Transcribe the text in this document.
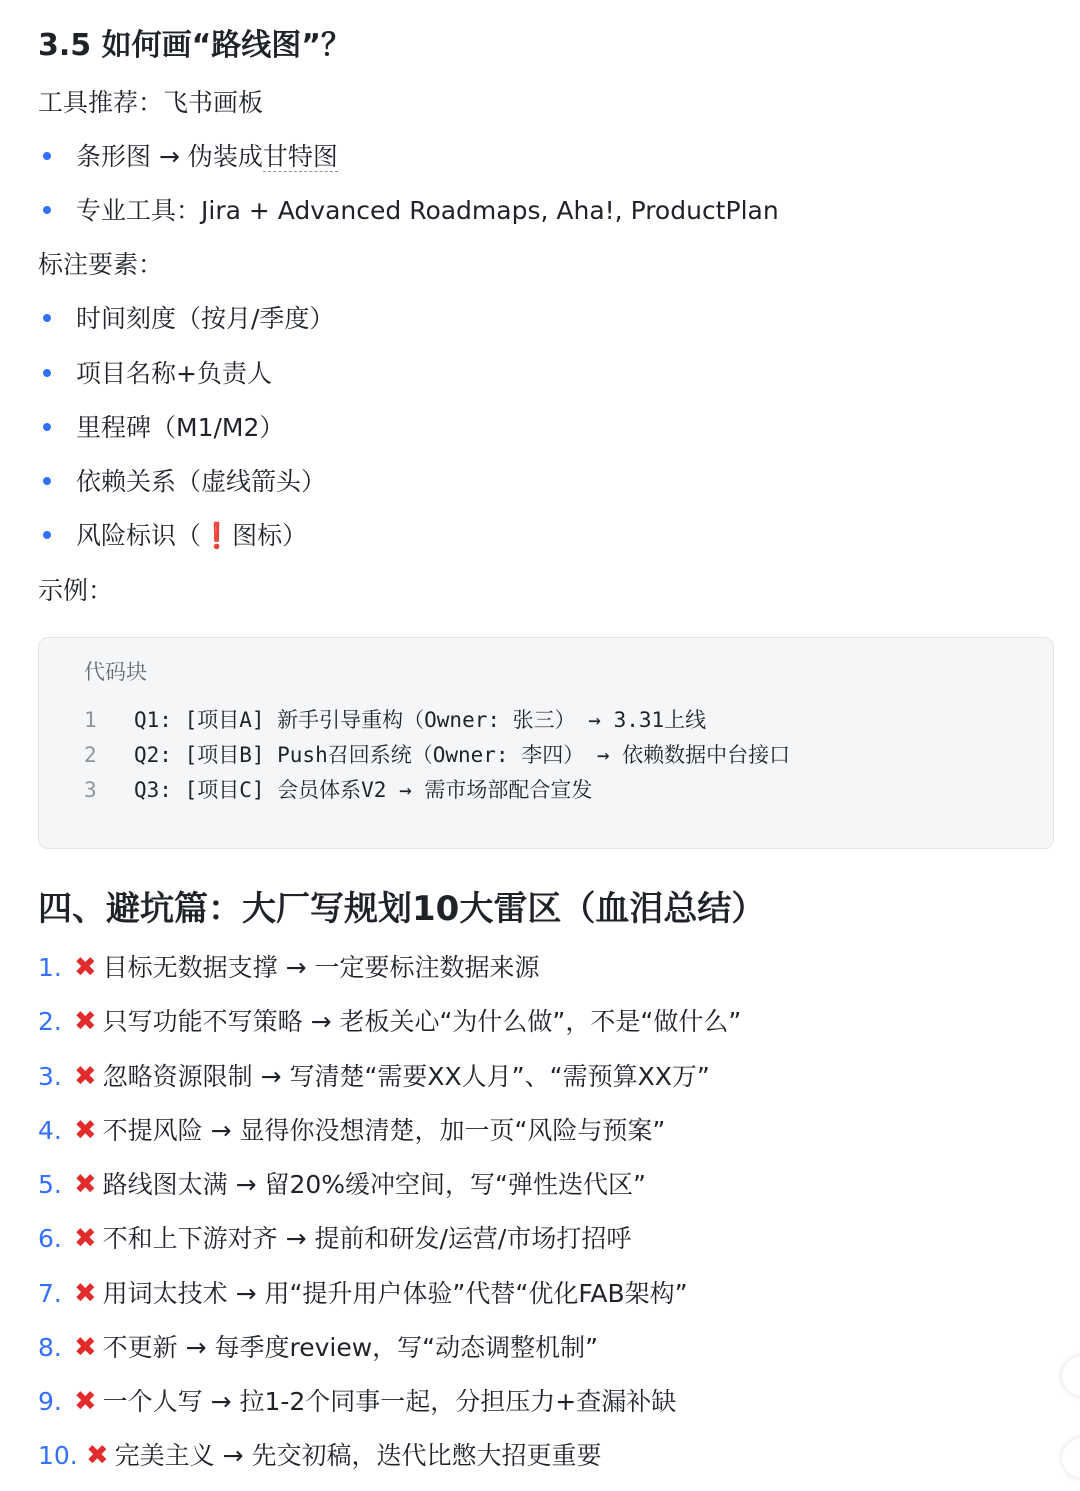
3.5 如何画“路线图”？
工具推荐：飞书画板
条形图 → 伪装成甘特图
专业工具：Jira + Advanced Roadmaps, Aha!, ProductPlan
标注要素：
时间刻度（按月/季度）
项目名称+负责人
里程碑（M1/M2）
依赖关系（虚线箭头）
风险标识（❗图标）
示例：
代码块
1 Q1: [项目A] 新手引导重构（Owner: 张三） → 3.31上线
2 Q2: [项目B] Push召回系统（Owner: 李四） → 依赖数据中台接口
3 Q3: [项目C] 会员体系V2 → 需市场部配合宣发
四、避坑篇：大厂写规划10大雷区（血泪总结）
1. ✖ 目标无数据支撑 → 一定要标注数据来源
2. ✖ 只写功能不写策略 → 老板关心“为什么做”，不是“做什么”
3. ✖ 忽略资源限制 → 写清楚“需要XX人月”、“需预算XX万”
4. ✖ 不提风险 → 显得你没想清楚，加一页“风险与预案”
5. ✖ 路线图太满 → 留20%缓冲空间，写“弹性迭代区”
6. ✖ 不和上下游对齐 → 提前和研发/运营/市场打招呼
7. ✖ 用词太技术 → 用“提升用户体验”代替“优化FAB架构”
8. ✖ 不更新 → 每季度review，写“动态调整机制”
9. ✖ 一个人写 → 拉1-2个同事一起，分担压力+查漏补缺
10. ✖ 完美主义 → 先交初稿，迭代比憋大招更重要
